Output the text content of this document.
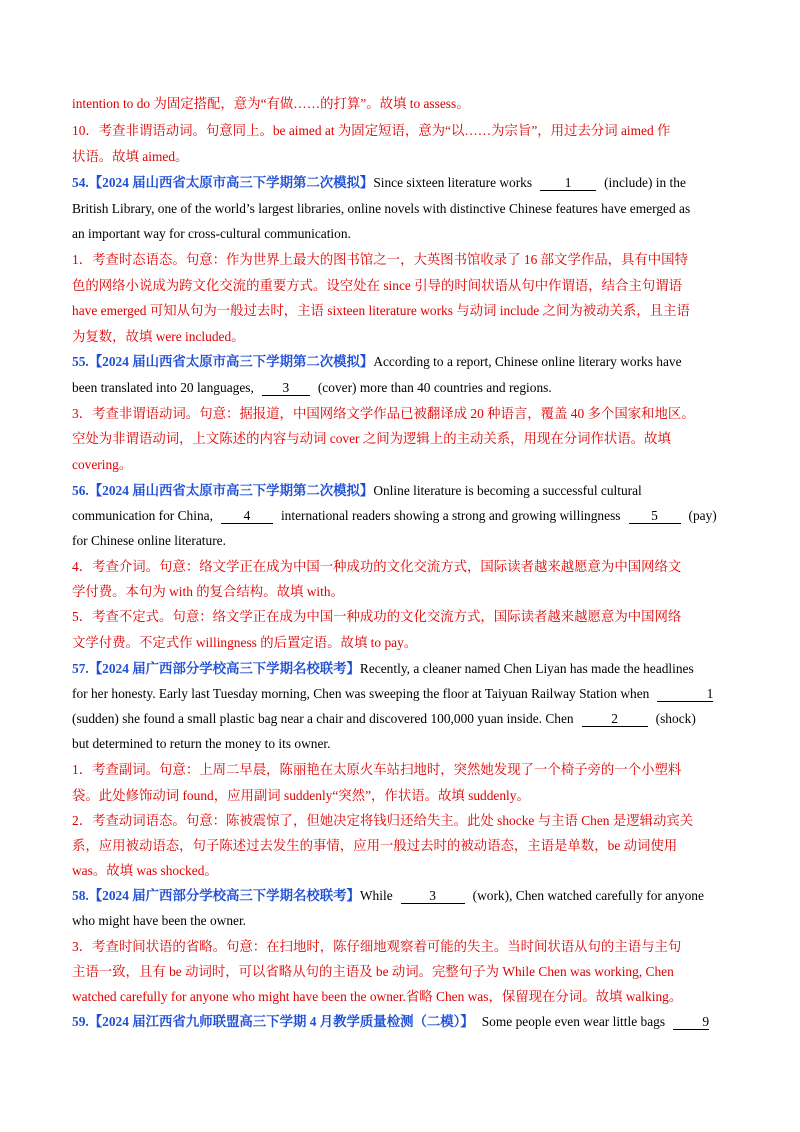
intention to do 为固定搭配，意为“有做……的打算”。故填 to assess。
10．考查非谓语动词。句意同上。be aimed at 为固定短语，意为“以……为宗旨”，用过去分词 aimed 作
状语。故填 aimed。
54.【2024 届山西省太原市高三下学期第二次模拟】Since sixteen literature works 1 (include) in the
British Library, one of the world’s largest libraries, online novels with distinctive Chinese features have emerged as
an important way for cross-cultural communication.
1．考查时态语态。句意：作为世界上最大的图书馆之一，大英图书馆收录了 16 部文学作品，具有中国特
色的网络小说成为跨文化交流的重要方式。设空处在 since 引导的时间状语从句中作谓语，结合主句谓语
have emerged 可知从句为一般过去时，主语 sixteen literature works 与动词 include 之间为被动关系，且主语
为复数，故填 were included。
55.【2024 届山西省太原市高三下学期第二次模拟】According to a report, Chinese online literary works have
been translated into 20 languages, 3 (cover) more than 40 countries and regions.
3．考查非谓语动词。句意：据报道，中国网络文学作品已被翻译成 20 种语言，覆盖 40 多个国家和地区。
空处为非谓语动词，上文陈述的内容与动词 cover 之间为逻辑上的主动关系，用现在分词作状语。故填
covering。
56.【2024 届山西省太原市高三下学期第二次模拟】Online literature is becoming a successful cultural
communication for China, 4 international readers showing a strong and growing willingness 5 (pay)
for Chinese online literature.
4．考查介词。句意：络文学正在成为中国一种成功的文化交流方式，国际读者越来越愿意为中国网络文
学付费。本句为 with 的复合结构。故填 with。
5．考查不定式。句意：络文学正在成为中国一种成功的文化交流方式，国际读者越来越愿意为中国网络
文学付费。不定式作 willingness 的后置定语。故填 to pay。
57.【2024 届广西部分学校高三下学期名校联考】Recently, a cleaner named Chen Liyan has made the headlines
for her honesty. Early last Tuesday morning, Chen was sweeping the floor at Taiyuan Railway Station when	1
(sudden) she found a small plastic bag near a chair and discovered 100,000 yuan inside. Chen	2	(shock)
but determined to return the money to its owner.
1．考查副词。句意：上周二早晨，陈丽艳在太原火车站扫地时，突然她发现了一个椅子旁的一个小塑料
袋。此处修饰动词 found，应用副词 suddenly“突然”，作状语。故填 suddenly。
2．考查动词语态。句意：陈被震惊了，但她决定将钱归还给失主。此处 shocke 与主语 Chen 是逻辑动宾关
系，应用被动语态，句子陈述过去发生的事情，应用一般过去时的被动语态，主语是单数，be 动词使用
was。故填 was shocked。
58.【2024 届广西部分学校高三下学期名校联考】While	3	(work), Chen watched carefully for anyone
who might have been the owner.
3．考查时间状语的省略。句意：在扫地时，陈仔细地观察着可能的失主。当时间状语从句的主语与主句
主语一致，且有 be 动词时，可以省略从句的主语及 be 动词。完整句子为 While Chen was working, Chen
watched carefully for anyone who might have been the owner.省略 Chen was，保留现在分词。故填 walking。
59.【2024 届江西省九师联盟高三下学期 4 月教学质量检测（二模）】 Some people even wear little bags	9
